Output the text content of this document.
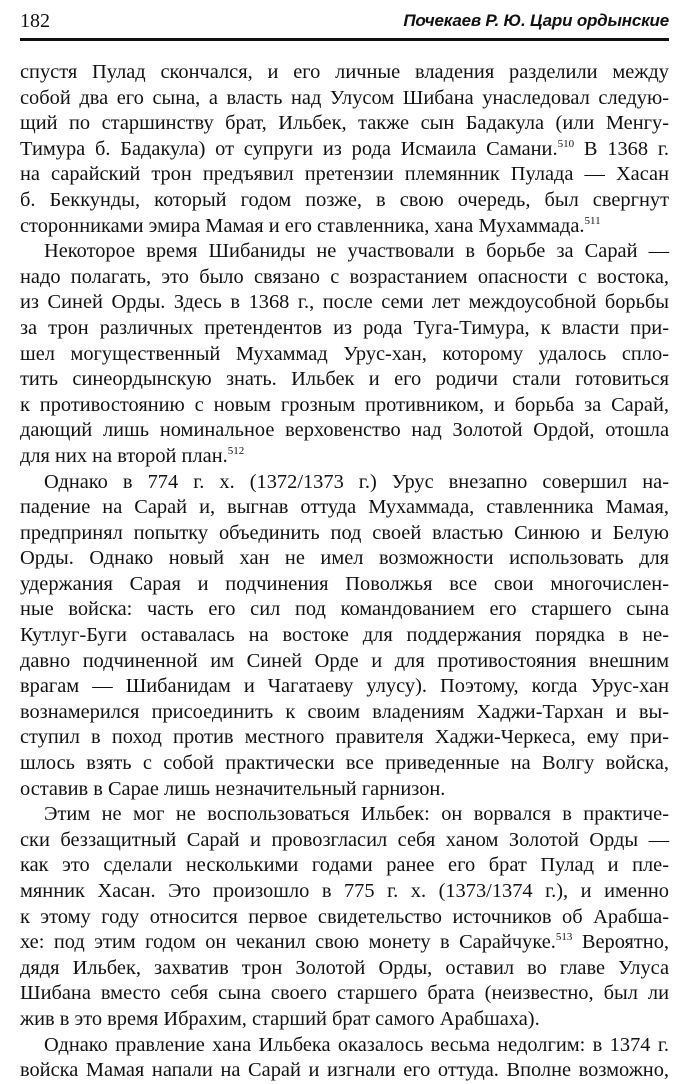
182	Почекаев Р. Ю. Цари ордынские
спустя Пулад скончался, и его личные владения разделили между
собой два его сына, а власть над Улусом Шибана унаследовал следую-
щий по старшинству брат, Ильбек, также сын Бадакула (или Менгу-
Тимура б. Бадакула) от супруги из рода Исмаила Самани.$^{510}$ В 1368 г.
на сарайский трон предъявил претензии племянник Пулада — Хасан
б. Беккунды, который годом позже, в свою очередь, был свергнут
сторонниками эмира Мамая и его ставленника, хана Мухаммада.$^{511}$
Некоторое время Шибаниды не участвовали в борьбе за Сарай —
надо полагать, это было связано с возрастанием опасности с востока,
из Синей Орды. Здесь в 1368 г., после семи лет междоусобной борьбы
за трон различных претендентов из рода Туга-Тимура, к власти при-
шел могущественный Мухаммад Урус-хан, которому удалось спло-
тить синеордынскую знать. Ильбек и его родичи стали готовиться
к противостоянию с новым грозным противником, и борьба за Сарай,
дающий лишь номинальное верховенство над Золотой Ордой, отошла
для них на второй план.$^{512}$
Однако в 774 г. х. (1372/1373 г.) Урус внезапно совершил на-
падение на Сарай и, выгнав оттуда Мухаммада, ставленника Мамая,
предпринял попытку объединить под своей властью Синюю и Белую
Орды. Однако новый хан не имел возможности использовать для
удержания Сарая и подчинения Поволжья все свои многочислен-
ные войска: часть его сил под командованием его старшего сына
Кутлуг-Буги оставалась на востоке для поддержания порядка в не-
давно подчиненной им Синей Орде и для противостояния внешним
врагам — Шибанидам и Чагатаеву улусу). Поэтому, когда Урус-хан
вознамерился присоединить к своим владениям Хаджи-Тархан и вы-
ступил в поход против местного правителя Хаджи-Черкеса, ему при-
шлось взять с собой практически все приведенные на Волгу войска,
оставив в Сарае лишь незначительный гарнизон.
Этим не мог не воспользоваться Ильбек: он ворвался в практиче-
ски беззащитный Сарай и провозгласил себя ханом Золотой Орды —
как это сделали несколькими годами ранее его брат Пулад и пле-
мянник Хасан. Это произошло в 775 г. х. (1373/1374 г.), и именно
к этому году относится первое свидетельство источников об Арабша-
хе: под этим годом он чеканил свою монету в Сарайчуке.$^{513}$ Вероятно,
дядя Ильбек, захватив трон Золотой Орды, оставил во главе Улуса
Шибана вместо себя сына своего старшего брата (неизвестно, был ли
жив в это время Ибрахим, старший брат самого Арабшаха).
Однако правление хана Ильбека оказалось весьма недолгим: в 1374 г.
войска Мамая напали на Сарай и изгнали его оттуда. Вполне возможно,
